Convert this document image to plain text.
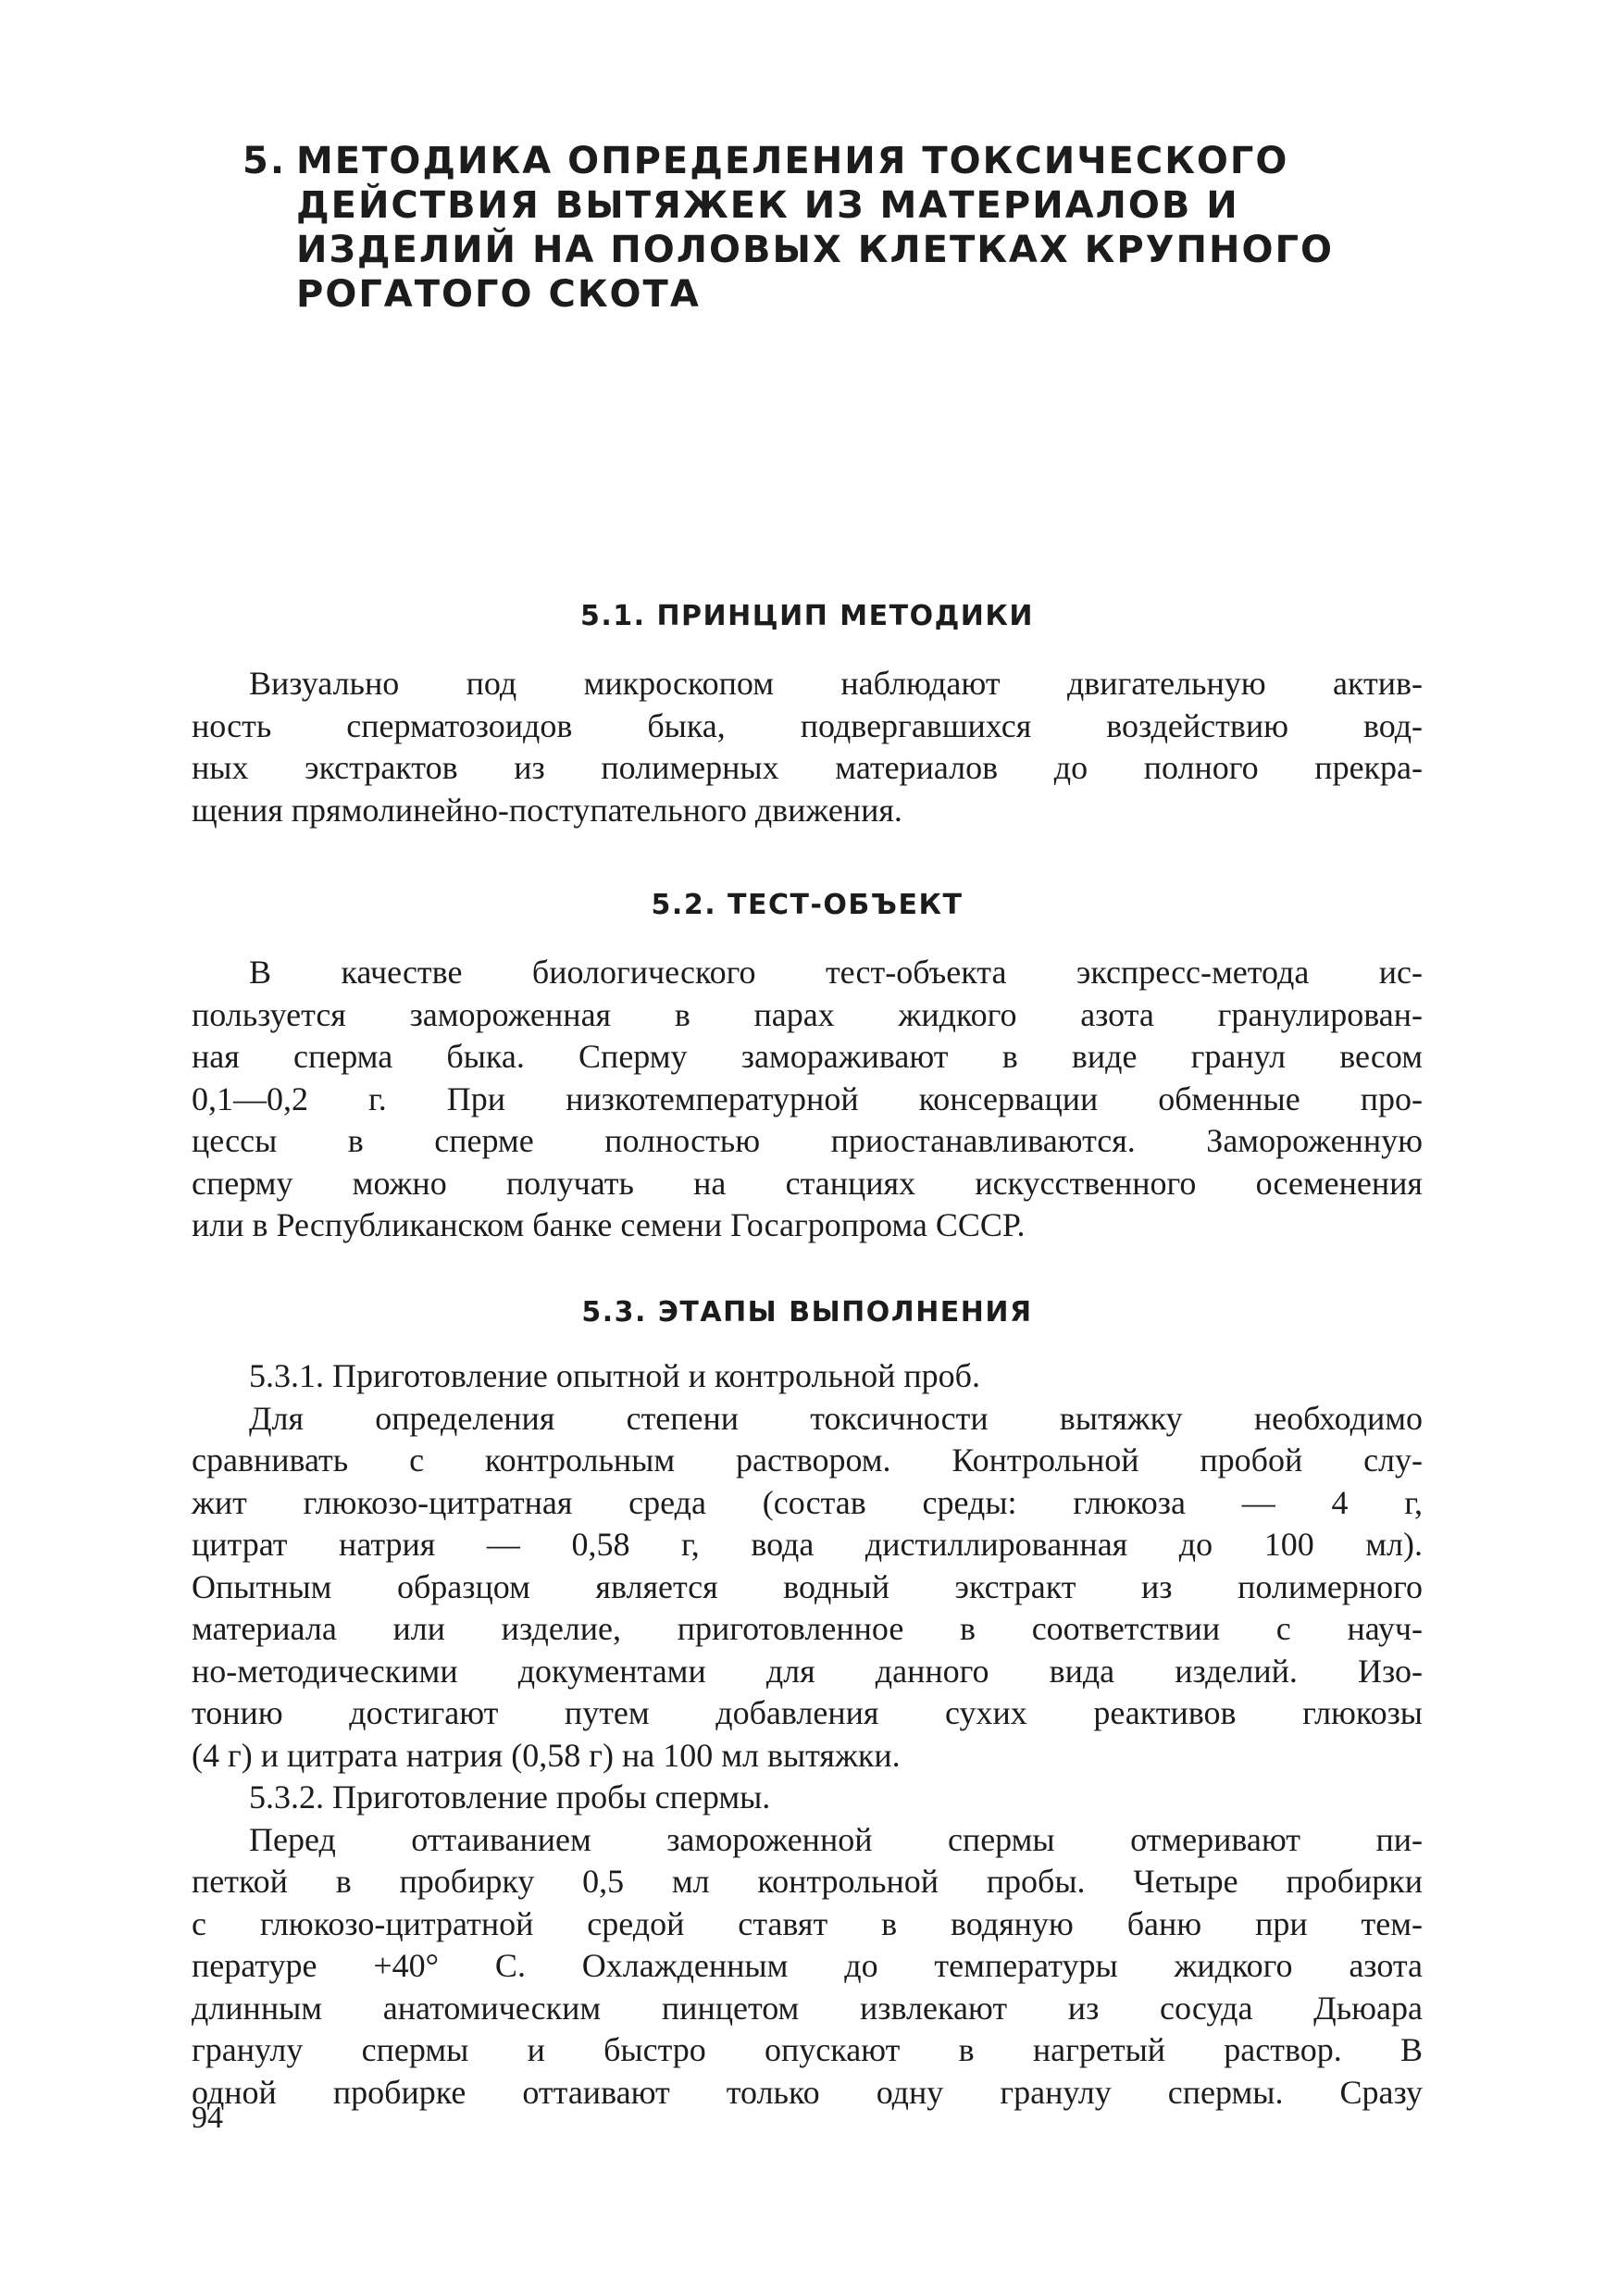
5. МЕТОДИКА ОПРЕДЕЛЕНИЯ ТОКСИЧЕСКОГО
ДЕЙСТВИЯ ВЫТЯЖЕК ИЗ МАТЕРИАЛОВ И
ИЗДЕЛИЙ НА ПОЛОВЫХ КЛЕТКАХ КРУПНОГО
РОГАТОГО СКОТА
5.1. ПРИНЦИП МЕТОДИКИ
Визуально под микроскопом наблюдают двигательную актив-
ность сперматозоидов быка, подвергавшихся воздействию вод-
ных экстрактов из полимерных материалов до полного прекра-
щения прямолинейно-поступательного движения.
5.2. ТЕСТ-ОБЪЕКТ
В качестве биологического тест-объекта экспресс-метода ис-
пользуется замороженная в парах жидкого азота гранулирован-
ная сперма быка. Сперму замораживают в виде гранул весом
0,1—0,2 г. При низкотемпературной консервации обменные про-
цессы в сперме полностью приостанавливаются. Замороженную
сперму можно получать на станциях искусственного осеменения
или в Республиканском банке семени Госагропрома СССР.
5.3. ЭТАПЫ ВЫПОЛНЕНИЯ
5.3.1. Приготовление опытной и контрольной проб.
Для определения степени токсичности вытяжку необходимо
сравнивать с контрольным раствором. Контрольной пробой слу-
жит глюкозо-цитратная среда (состав среды: глюкоза — 4 г,
цитрат натрия — 0,58 г, вода дистиллированная до 100 мл).
Опытным образцом является водный экстракт из полимерного
материала или изделие, приготовленное в соответствии с науч-
но-методическими документами для данного вида изделий. Изо-
тонию достигают путем добавления сухих реактивов глюкозы
(4 г) и цитрата натрия (0,58 г) на 100 мл вытяжки.
5.3.2. Приготовление пробы спермы.
Перед оттаиванием замороженной спермы отмеривают пи-
петкой в пробирку 0,5 мл контрольной пробы. Четыре пробирки
с глюкозо-цитратной средой ставят в водяную баню при тем-
пературе +40° С. Охлажденным до температуры жидкого азота
длинным анатомическим пинцетом извлекают из сосуда Дьюара
гранулу спермы и быстро опускают в нагретый раствор. В
одной пробирке оттаивают только одну гранулу спермы. Сразу
94
